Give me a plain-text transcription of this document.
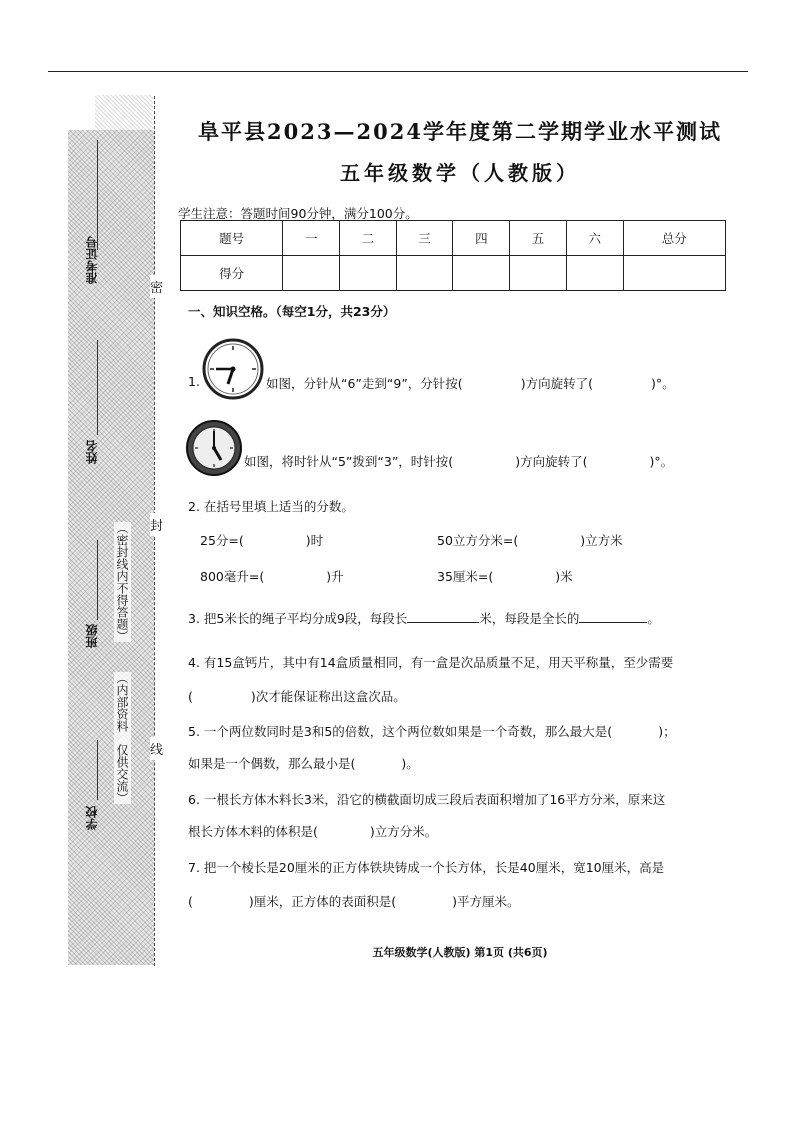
密
封
线
准考证号
姓名
班级
学校
（密封线内不得答题）
（内部资料　仅供交流）
阜平县2023—2024学年度第二学期学业水平测试
五年级数学（人教版）
学生注意：答题时间90分钟，满分100分。
题号	一	二	三	四	五	六	总分
得分							
一、知识空格。（每空1分，共23分）
1.	如图，分针从“6”走到“9”，分针按(	)方向旋转了(	)°。
如图，将时针从“5”拨到“3”，时针按(	)方向旋转了(	)°。
2. 在括号里填上适当的分数。
25分=(	)时	50立方分米=(	)立方米
800毫升=(	)升	35厘米=(	)米
3. 把5米长的绳子平均分成9段，每段长	米，每段是全长的	。
4. 有15盒钙片，其中有14盒质量相同，有一盒是次品质量不足，用天平称量，至少需要
(	)次才能保证称出这盒次品。
5. 一个两位数同时是3和5的倍数，这个两位数如果是一个奇数，那么最大是(	)；
如果是一个偶数，那么最小是(	)。
6. 一根长方体木料长3米，沿它的横截面切成三段后表面积增加了16平方分米，原来这
根长方体木料的体积是(	)立方分米。
7. 把一个棱长是20厘米的正方体铁块铸成一个长方体，长是40厘米，宽10厘米，高是
(	)厘米，正方体的表面积是(	)平方厘米。
五年级数学(人教版) 第1页 (共6页)
